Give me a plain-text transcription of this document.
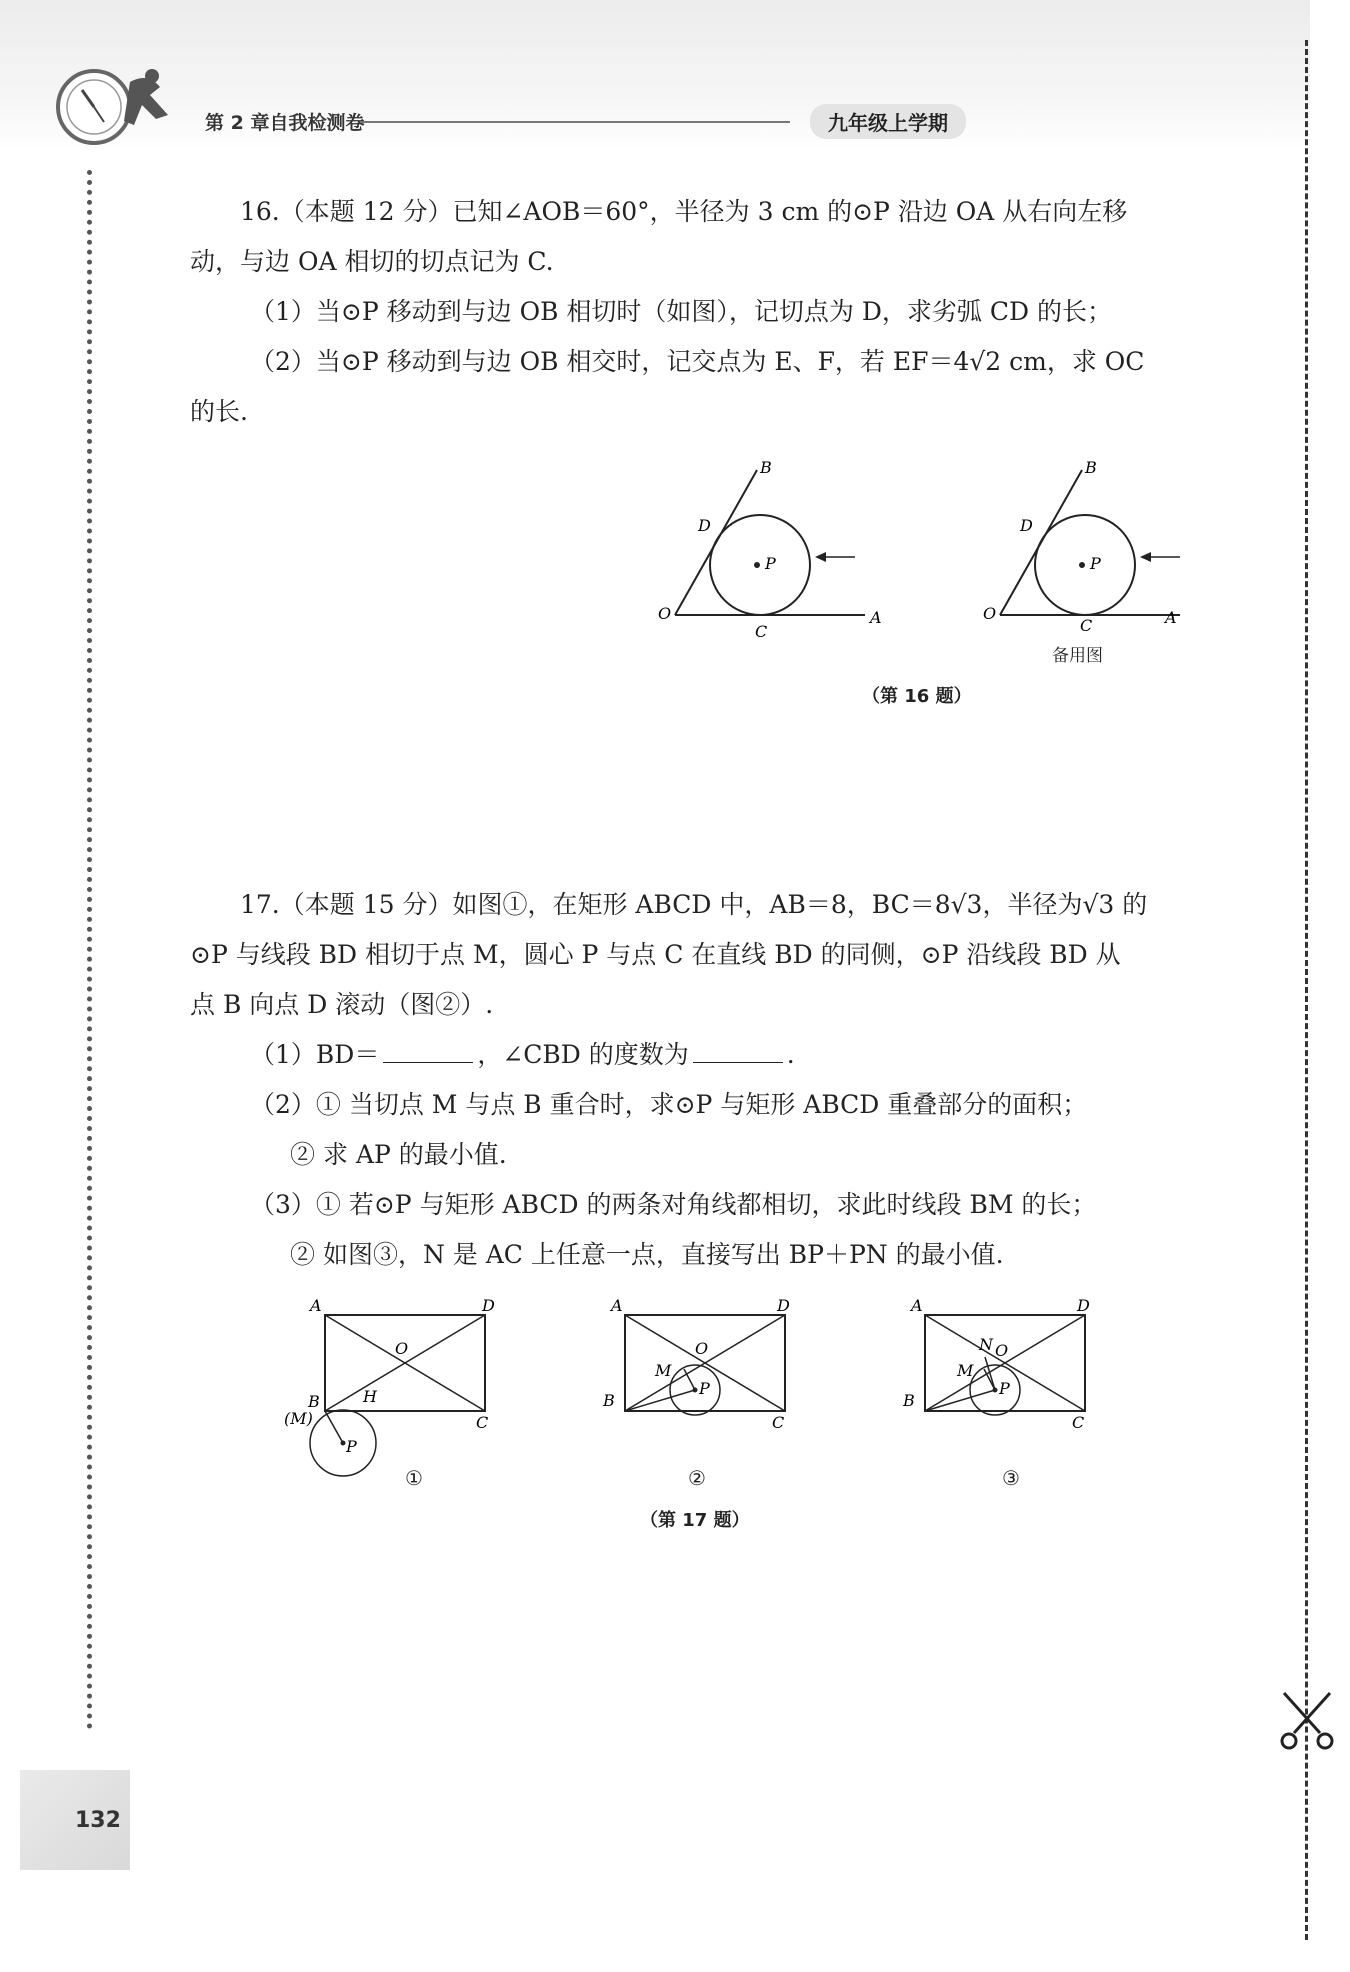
第 2 章自我检测卷	九年级上学期

16.（本题 12 分）已知∠AOB＝60°，半径为 3 cm 的⊙P 沿边 OA 从右向左移

动，与边 OA 相切的切点记为 C.

（1）当⊙P 移动到与边 OB 相切时（如图），记切点为 D，求劣弧 CD 的长；

（2）当⊙P 移动到与边 OB 相交时，记交点为 E、F，若 EF＝4√2 cm，求 OC

的长.

O	A
B
C
D
P
O	A
B
C
D
P
备用图
（第 16 题）

17.（本题 15 分）如图①，在矩形 ABCD 中，AB＝8，BC＝8√3，半径为√3 的

⊙P 与线段 BD 相切于点 M，圆心 P 与点 C 在直线 BD 的同侧，⊙P 沿线段 BD 从

点 B 向点 D 滚动（图②）.

（1）BD＝	，∠CBD 的度数为	.

（2）① 当切点 M 与点 B 重合时，求⊙P 与矩形 ABCD 重叠部分的面积；

② 求 AP 的最小值.

（3）① 若⊙P 与矩形 ABCD 的两条对角线都相切，求此时线段 BM 的长；

② 如图③，N 是 AC 上任意一点，直接写出 BP＋PN 的最小值.

A	D
B
(M)	C
O
H
P
①
A	D
B
C
O
M
P
②
A	D
B
C
O
N
M
P
③
（第 17 题）
132
